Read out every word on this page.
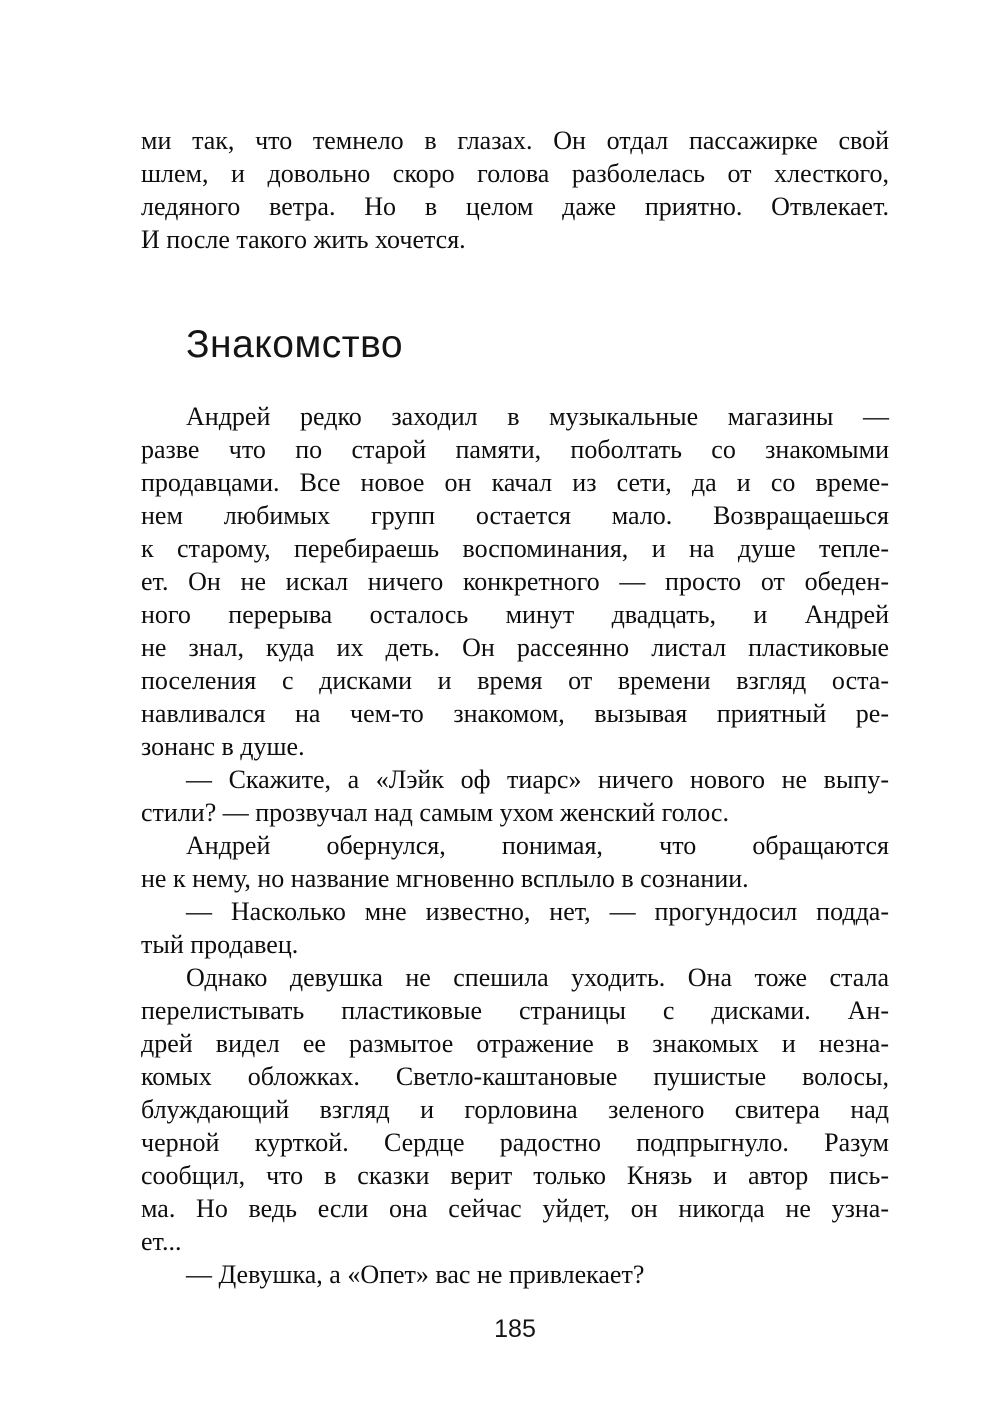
ми так, что темнело в глазах. Он отдал пассажирке свой
шлем, и довольно скоро голова разболелась от хлесткого,
ледяного ветра. Но в целом даже приятно. Отвлекает.
И после такого жить хочется.
Знакомство
Андрей редко заходил в музыкальные магазины —
разве что по старой памяти, поболтать со знакомыми
продавцами. Все новое он качал из сети, да и со време-
нем любимых групп остается мало. Возвращаешься
к старому, перебираешь воспоминания, и на душе тепле-
ет. Он не искал ничего конкретного — просто от обеден-
ного перерыва осталось минут двадцать, и Андрей
не знал, куда их деть. Он рассеянно листал пластиковые
поселения с дисками и время от времени взгляд оста-
навливался на чем-то знакомом, вызывая приятный ре-
зонанс в душе.
— Скажите, а «Лэйк оф тиарс» ничего нового не выпу-
стили? — прозвучал над самым ухом женский голос.
Андрей обернулся, понимая, что обращаются
не к нему, но название мгновенно всплыло в сознании.
— Насколько мне известно, нет, — прогундосил подда-
тый продавец.
Однако девушка не спешила уходить. Она тоже стала
перелистывать пластиковые страницы с дисками. Ан-
дрей видел ее размытое отражение в знакомых и незна-
комых обложках. Светло-каштановые пушистые волосы,
блуждающий взгляд и горловина зеленого свитера над
черной курткой. Сердце радостно подпрыгнуло. Разум
сообщил, что в сказки верит только Князь и автор пись-
ма. Но ведь если она сейчас уйдет, он никогда не узна-
ет...
— Девушка, а «Опет» вас не привлекает?
185
